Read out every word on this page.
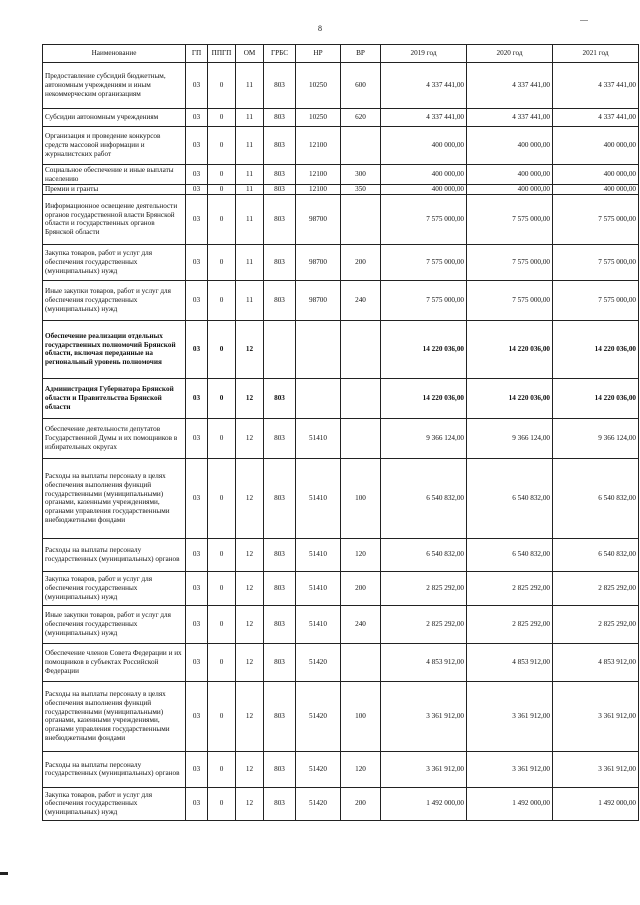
8
Наименование	ГП	ППГП	ОМ	ГРБС	НР	ВР	2019 год	2020 год	2021 год
Предоставление субсидий бюджетным, автономным учреждениям и иным некоммерческим организациям	03	0	11	803	10250	600	4 337 441,00	4 337 441,00	4 337 441,00
Субсидии автономным учреждениям	03	0	11	803	10250	620	4 337 441,00	4 337 441,00	4 337 441,00
Организация и проведение конкурсов средств массовой информации и журналистских работ	03	0	11	803	12100		400 000,00	400 000,00	400 000,00
Социальное обеспечение и иные выплаты населению	03	0	11	803	12100	300	400 000,00	400 000,00	400 000,00
Премии и гранты	03	0	11	803	12100	350	400 000,00	400 000,00	400 000,00
Информационное освещение деятельности органов государственной власти Брянской области и государственных органов Брянской области	03	0	11	803	98700		7 575 000,00	7 575 000,00	7 575 000,00
Закупка товаров, работ и услуг для обеспечения государственных (муниципальных) нужд	03	0	11	803	98700	200	7 575 000,00	7 575 000,00	7 575 000,00
Иные закупки товаров, работ и услуг для обеспечения государственных (муниципальных) нужд	03	0	11	803	98700	240	7 575 000,00	7 575 000,00	7 575 000,00
Обеспечение реализации отдельных государственных полномочий Брянской области, включая переданные на региональный уровень полномочия	03	0	12				14 220 036,00	14 220 036,00	14 220 036,00
Администрация Губернатора Брянской области и Правительства Брянской области	03	0	12	803			14 220 036,00	14 220 036,00	14 220 036,00
Обеспечение деятельности депутатов Государственной Думы и их помощников в избирательных округах	03	0	12	803	51410		9 366 124,00	9 366 124,00	9 366 124,00
Расходы на выплаты персоналу в целях обеспечения выполнения функций государственными (муниципальными) органами, казенными учреждениями, органами управления государственными внебюджетными фондами	03	0	12	803	51410	100	6 540 832,00	6 540 832,00	6 540 832,00
Расходы на выплаты персоналу государственных (муниципальных) органов	03	0	12	803	51410	120	6 540 832,00	6 540 832,00	6 540 832,00
Закупка товаров, работ и услуг для обеспечения государственных (муниципальных) нужд	03	0	12	803	51410	200	2 825 292,00	2 825 292,00	2 825 292,00
Иные закупки товаров, работ и услуг для обеспечения государственных (муниципальных) нужд	03	0	12	803	51410	240	2 825 292,00	2 825 292,00	2 825 292,00
Обеспечение членов Совета Федерации и их помощников в субъектах Российской Федерации	03	0	12	803	51420		4 853 912,00	4 853 912,00	4 853 912,00
Расходы на выплаты персоналу в целях обеспечения выполнения функций государственными (муниципальными) органами, казенными учреждениями, органами управления государственными внебюджетными фондами	03	0	12	803	51420	100	3 361 912,00	3 361 912,00	3 361 912,00
Расходы на выплаты персоналу государственных (муниципальных) органов	03	0	12	803	51420	120	3 361 912,00	3 361 912,00	3 361 912,00
Закупка товаров, работ и услуг для обеспечения государственных (муниципальных) нужд	03	0	12	803	51420	200	1 492 000,00	1 492 000,00	1 492 000,00
